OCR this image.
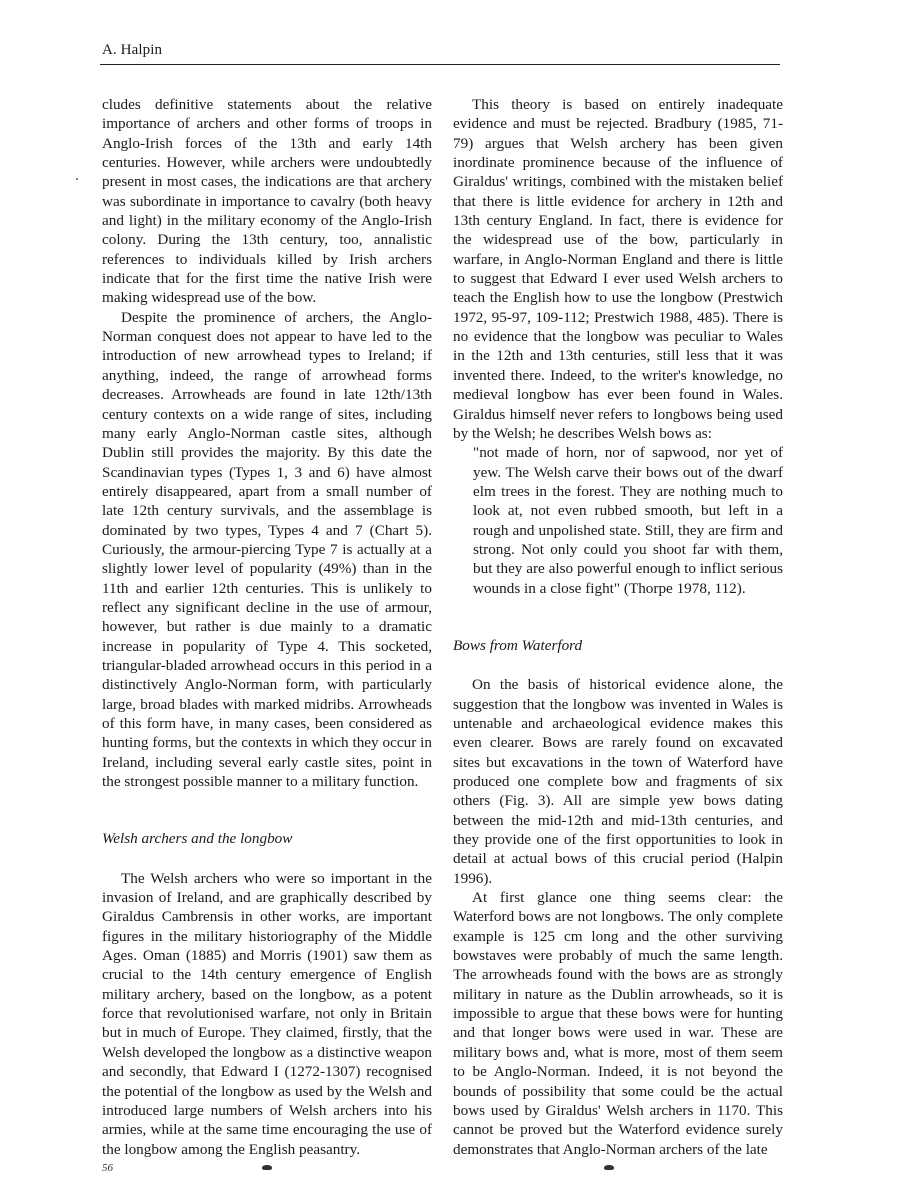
A. Halpin

cludes definitive statements about the relative importance of archers and other forms of troops in Anglo-Irish forces of the 13th and early 14th centuries. However, while archers were undoubtedly present in most cases, the indications are that archery was subordinate in importance to cavalry (both heavy and light) in the military economy of the Anglo-Irish colony. During the 13th century, too, annalistic references to individuals killed by Irish archers indicate that for the first time the native Irish were making widespread use of the bow.

Despite the prominence of archers, the Anglo-Norman conquest does not appear to have led to the introduction of new arrowhead types to Ireland; if anything, indeed, the range of arrowhead forms decreases. Arrowheads are found in late 12th/13th century contexts on a wide range of sites, including many early Anglo-Norman castle sites, although Dublin still provides the majority. By this date the Scandinavian types (Types 1, 3 and 6) have almost entirely disappeared, apart from a small number of late 12th century survivals, and the assemblage is dominated by two types, Types 4 and 7 (Chart 5). Curiously, the armour-piercing Type 7 is actually at a slightly lower level of popularity (49%) than in the 11th and earlier 12th centuries. This is unlikely to reflect any significant decline in the use of armour, however, but rather is due mainly to a dramatic increase in popularity of Type 4. This socketed, triangular-bladed arrowhead occurs in this period in a distinctively Anglo-Norman form, with particularly large, broad blades with marked midribs. Arrowheads of this form have, in many cases, been considered as hunting forms, but the contexts in which they occur in Ireland, including several early castle sites, point in the strongest possible manner to a military function.

Welsh archers and the longbow

The Welsh archers who were so important in the invasion of Ireland, and are graphically described by Giraldus Cambrensis in other works, are important figures in the military historiography of the Middle Ages. Oman (1885) and Morris (1901) saw them as crucial to the 14th century emergence of English military archery, based on the longbow, as a potent force that revolutionised warfare, not only in Britain but in much of Europe. They claimed, firstly, that the Welsh developed the longbow as a distinctive weapon and secondly, that Edward I (1272-1307) recognised the potential of the longbow as used by the Welsh and introduced large numbers of Welsh archers into his armies, while at the same time encouraging the use of the longbow among the English peasantry.

This theory is based on entirely inadequate evidence and must be rejected. Bradbury (1985, 71-79) argues that Welsh archery has been given inordinate prominence because of the influence of Giraldus' writings, combined with the mistaken belief that there is little evidence for archery in 12th and 13th century England. In fact, there is evidence for the widespread use of the bow, particularly in warfare, in Anglo-Norman England and there is little to suggest that Edward I ever used Welsh archers to teach the English how to use the longbow (Prestwich 1972, 95-97, 109-112; Prestwich 1988, 485). There is no evidence that the longbow was peculiar to Wales in the 12th and 13th centuries, still less that it was invented there. Indeed, to the writer's knowledge, no medieval longbow has ever been found in Wales. Giraldus himself never refers to longbows being used by the Welsh; he describes Welsh bows as:

"not made of horn, nor of sapwood, nor yet of yew. The Welsh carve their bows out of the dwarf elm trees in the forest. They are nothing much to look at, not even rubbed smooth, but left in a rough and unpolished state. Still, they are firm and strong. Not only could you shoot far with them, but they are also powerful enough to inflict serious wounds in a close fight" (Thorpe 1978, 112).
Bows from Waterford

On the basis of historical evidence alone, the suggestion that the longbow was invented in Wales is untenable and archaeological evidence makes this even clearer. Bows are rarely found on excavated sites but excavations in the town of Waterford have produced one complete bow and fragments of six others (Fig. 3). All are simple yew bows dating between the mid-12th and mid-13th centuries, and they provide one of the first opportunities to look in detail at actual bows of this crucial period (Halpin 1996).

At first glance one thing seems clear: the Waterford bows are not longbows. The only complete example is 125 cm long and the other surviving bowstaves were probably of much the same length. The arrowheads found with the bows are as strongly military in nature as the Dublin arrowheads, so it is impossible to argue that these bows were for hunting and that longer bows were used in war. These are military bows and, what is more, most of them seem to be Anglo-Norman. Indeed, it is not beyond the bounds of possibility that some could be the actual bows used by Giraldus' Welsh archers in 1170. This cannot be proved but the Waterford evidence surely demonstrates that Anglo-Norman archers of the late

56
